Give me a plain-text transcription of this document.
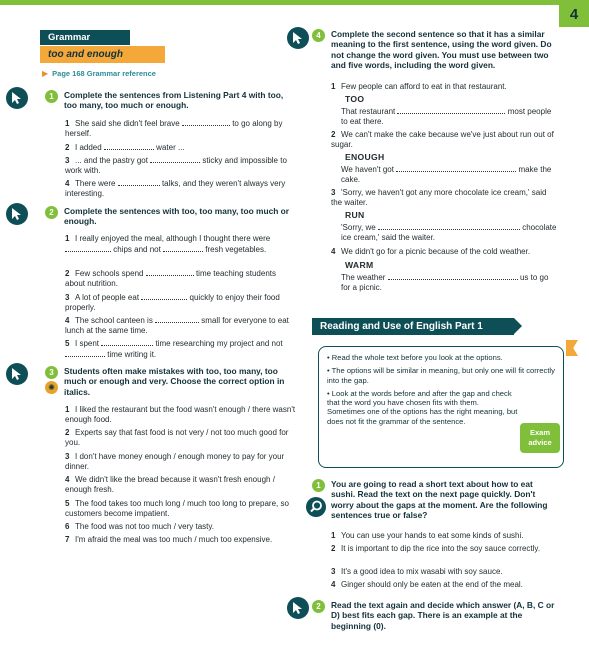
4
Grammar
too and enough
▶ Page 168 Grammar reference
1	Complete the sentences from Listening Part 4 with too, too many, too much or enough.
1 She said she didn't feel brave	to go along by herself.
2 I added	water ...
3 ... and the pastry got	sticky and impossible to work with.
4 There were	talks, and they weren't always very interesting.
2	Complete the sentences with too, too many, too much or enough.
1 I really enjoyed the meal, although I thought there were  chips and not	fresh vegetables.
2 Few schools spend	time teaching students about nutrition.
3 A lot of people eat	quickly to enjoy their food properly.
4 The school canteen is	small for everyone to eat lunch at the same time.
5 I spent	time researching my project and not  time writing it.
3
✺
Students often make mistakes with too, too many, too much or enough and very. Choose the correct option in italics.
1 I liked the restaurant but the food wasn't enough / there wasn't enough food.
2 Experts say that fast food is not very / not too much good for you.
3 I don't have money enough / enough money to pay for your dinner.
4 We didn't like the bread because it wasn't fresh enough / enough fresh.
5 The food takes too much long / much too long to prepare, so customers become impatient.
6 The food was not too much / very tasty.
7 I'm afraid the meal was too much / much too expensive.
4	Complete the second sentence so that it has a similar meaning to the first sentence, using the word given. Do not change the word given. You must use between two and five words, including the word given.
1 Few people can afford to eat in that restaurant.
TOO
That restaurant	most people to eat there.
2 We can't make the cake because we've just about run out of sugar.
ENOUGH
We haven't got	make the cake.
3 'Sorry, we haven't got any more chocolate ice cream,' said the waiter.
RUN
'Sorry, we	chocolate ice cream,' said the waiter.
4 We didn't go for a picnic because of the cold weather.
WARM
The weather	us to go for a picnic.
Reading and Use of English Part 1
• Read the whole text before you look at the options.
• The options will be similar in meaning, but only one will fit correctly into the gap.
• Look at the words before and after the gap and check that the word you have chosen fits with them. Sometimes one of the options has the right meaning, but does not fit the grammar of the sentence.
Exam advice
1	You are going to read a short text about how to eat sushi. Read the text on the next page quickly. Don't worry about the gaps at the moment. Are the following sentences true or false?
1 You can use your hands to eat some kinds of sushi.
2 It is important to dip the rice into the soy sauce correctly.
3 It's a good idea to mix wasabi with soy sauce.
4 Ginger should only be eaten at the end of the meal.
2	Read the text again and decide which answer (A, B, C or D) best fits each gap. There is an example at the beginning (0).
